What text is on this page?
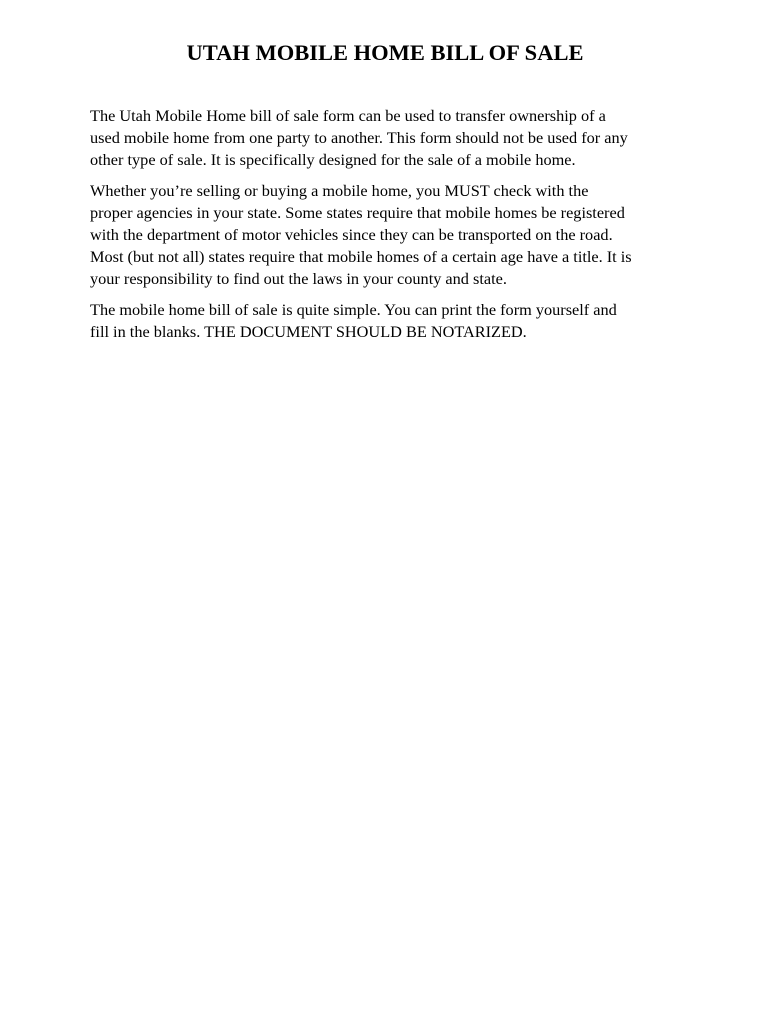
UTAH MOBILE HOME BILL OF SALE

The Utah Mobile Home bill of sale form can be used to transfer ownership of a
used mobile home from one party to another. This form should not be used for any
other type of sale. It is specifically designed for the sale of a mobile home.

Whether you’re selling or buying a mobile home, you MUST check with the
proper agencies in your state. Some states require that mobile homes be registered
with the department of motor vehicles since they can be transported on the road.
Most (but not all) states require that mobile homes of a certain age have a title. It is
your responsibility to find out the laws in your county and state.

The mobile home bill of sale is quite simple. You can print the form yourself and
fill in the blanks. THE DOCUMENT SHOULD BE NOTARIZED.
